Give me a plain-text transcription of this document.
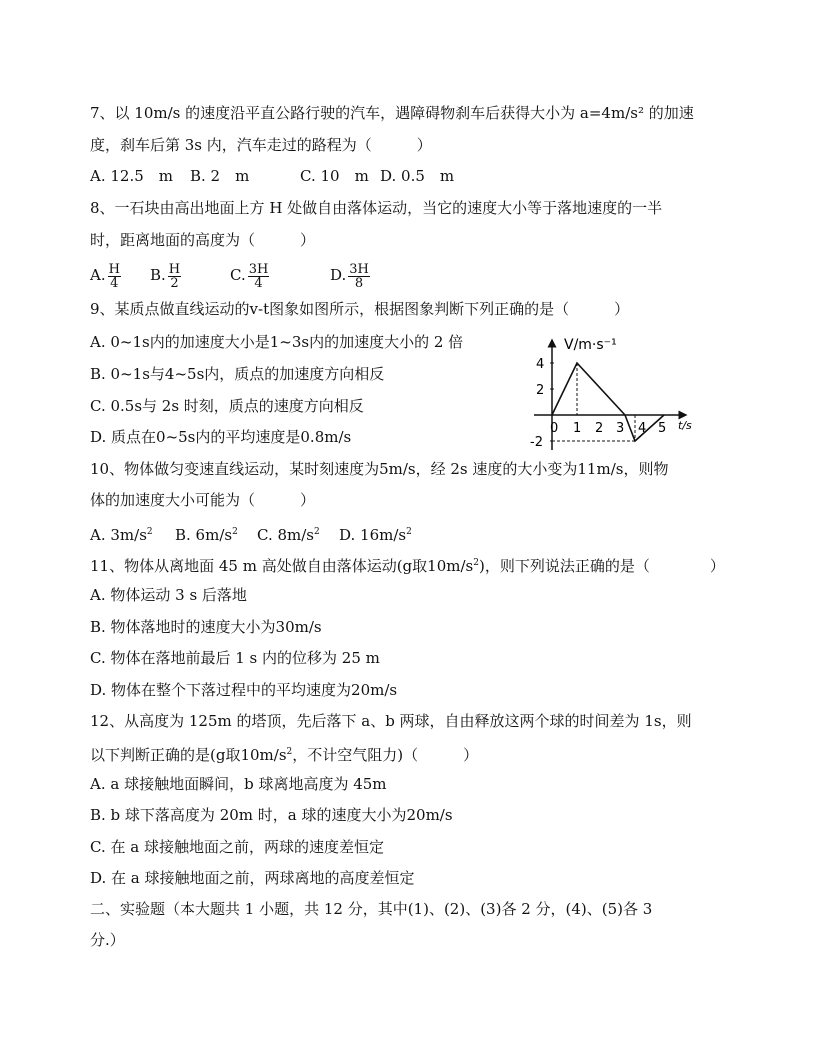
7、以 10m/s 的速度沿平直公路行驶的汽车，遇障碍物刹车后获得大小为 a=4m/s² 的加速
度，刹车后第 3s 内，汽车走过的路程为（　　　）
A. 12.5　m B. 2　m	C. 10　m D. 0.5　m
8、一石块由高出地面上方 H 处做自由落体运动，当它的速度大小等于落地速度的一半
时，距离地面的高度为（　　　）
A. $\frac{H}{4} B$. $\frac{H}{2}$	C. $\frac{3H}{4}$	D. $\frac{3H}{8}$
9、某质点做直线运动的v-t图象如图所示，根据图象判断下列正确的是（　　　）
A. 0~1s内的加速度大小是1~3s内的加速度大小的 2 倍
B. 0~1s与4~5s内，质点的加速度方向相反
C. 0.5s与 2s 时刻，质点的速度方向相反
D. 质点在0~5s内的平均速度是0.8m/s
V/m·s⁻¹
t/s
4
2
-2
0 1 2 3 4 5
10、物体做匀变速直线运动，某时刻速度为5m/s，经 2s 速度的大小变为11m/s，则物
体的加速度大小可能为（　　　）
A. $3m/s^2$ B. $6m/s^2$ C. $8m/s^2$ D. $16m/s^2$
11、物体从离地面 45 m 高处做自由落体运动(g取$10m/s^2$)，则下列说法正确的是（　　　　）
A. 物体运动 3 s 后落地
B. 物体落地时的速度大小为30m/s
C. 物体在落地前最后 1 s 内的位移为 25 m
D. 物体在整个下落过程中的平均速度为20m/s
12、从高度为 125m 的塔顶，先后落下 a、b 两球，自由释放这两个球的时间差为 1s，则
以下判断正确的是(g取$10m/s^2$，不计空气阻力)（　　　）
A. a 球接触地面瞬间，b 球离地高度为 45m
B. b 球下落高度为 20m 时，a 球的速度大小为20m/s
C. 在 a 球接触地面之前，两球的速度差恒定
D. 在 a 球接触地面之前，两球离地的高度差恒定
二、实验题（本大题共 1 小题，共 12 分，其中(1)、(2)、(3)各 2 分，(4)、(5)各 3
分.）
